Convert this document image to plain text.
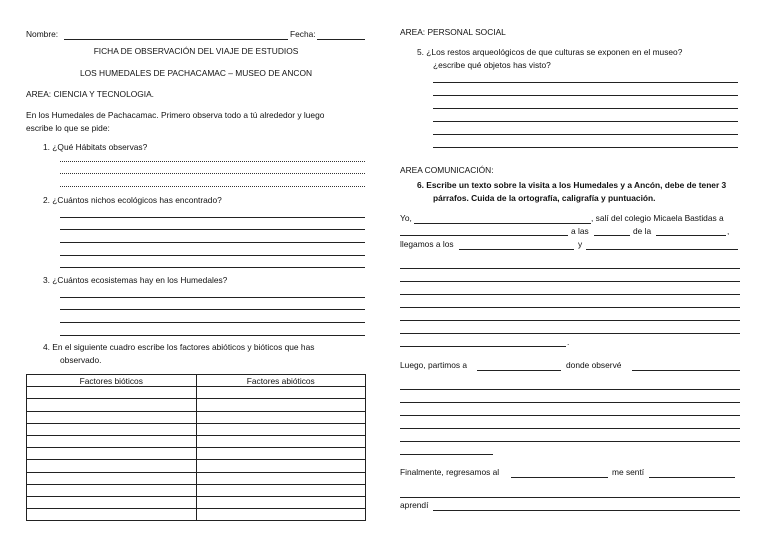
Nombre:	Fecha:
FICHA DE OBSERVACIÓN DEL VIAJE DE ESTUDIOS
LOS HUMEDALES DE PACHACAMAC – MUSEO DE ANCON
AREA: CIENCIA Y TECNOLOGIA.
En los Humedales de Pachacamac. Primero observa todo a tú alrededor y luego
escribe lo que se pide:
1. ¿Qué Hábitats observas?
2. ¿Cuántos nichos ecológicos has encontrado?
3. ¿Cuántos ecosistemas hay en los Humedales?
4. En el siguiente cuadro escribe los factores abióticos y bióticos que has
observado.
Factores bióticos	Factores abióticos

AREA: PERSONAL SOCIAL
5. ¿Los restos arqueológicos de que culturas se exponen en el museo?
¿escribe qué objetos has visto?
AREA COMUNICACIÓN:
6. Escribe un texto sobre la visita a los Humedales y a Ancón, debe de tener 3
párrafos. Cuida de la ortografía, caligrafía y puntuación.
Yo,	, salí del colegio Micaela Bastidas a
a las	de la	,
llegamos a los	y
.
Luego, partimos a	donde observé
Finalmente, regresamos al	me sentí
aprendí
